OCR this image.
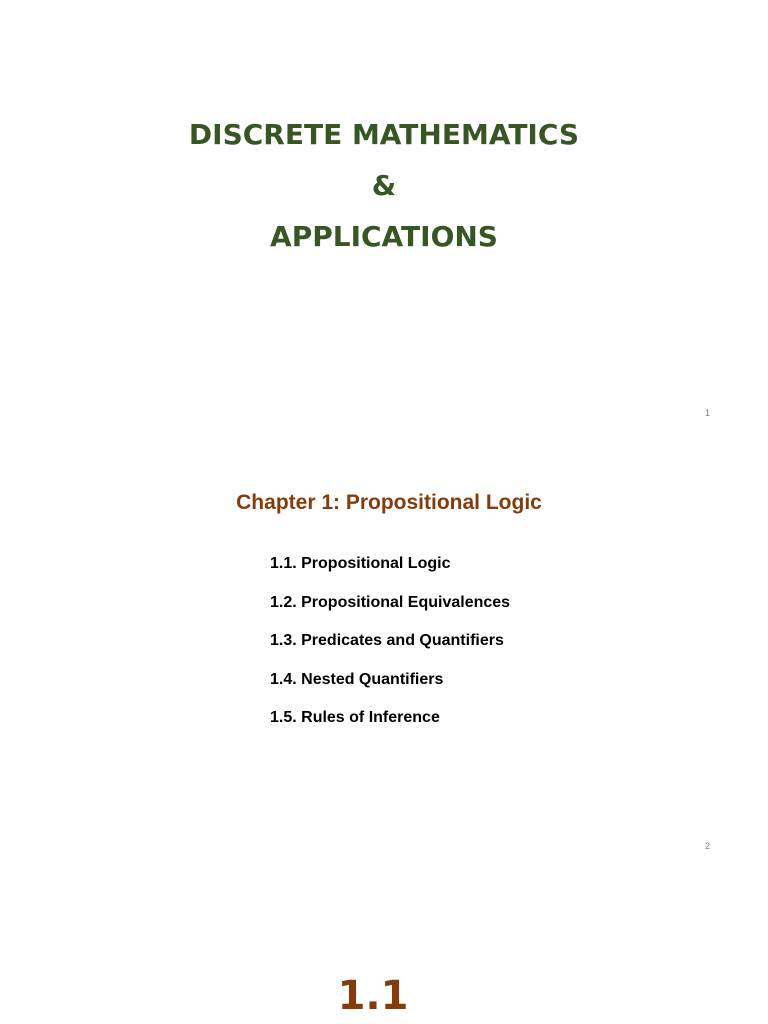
DISCRETE MATHEMATICS
&
APPLICATIONS
1
Chapter 1: Propositional Logic
1.1. Propositional Logic
1.2. Propositional Equivalences
1.3. Predicates and Quantifiers
1.4. Nested Quantifiers
1.5. Rules of Inference
2
1.1
